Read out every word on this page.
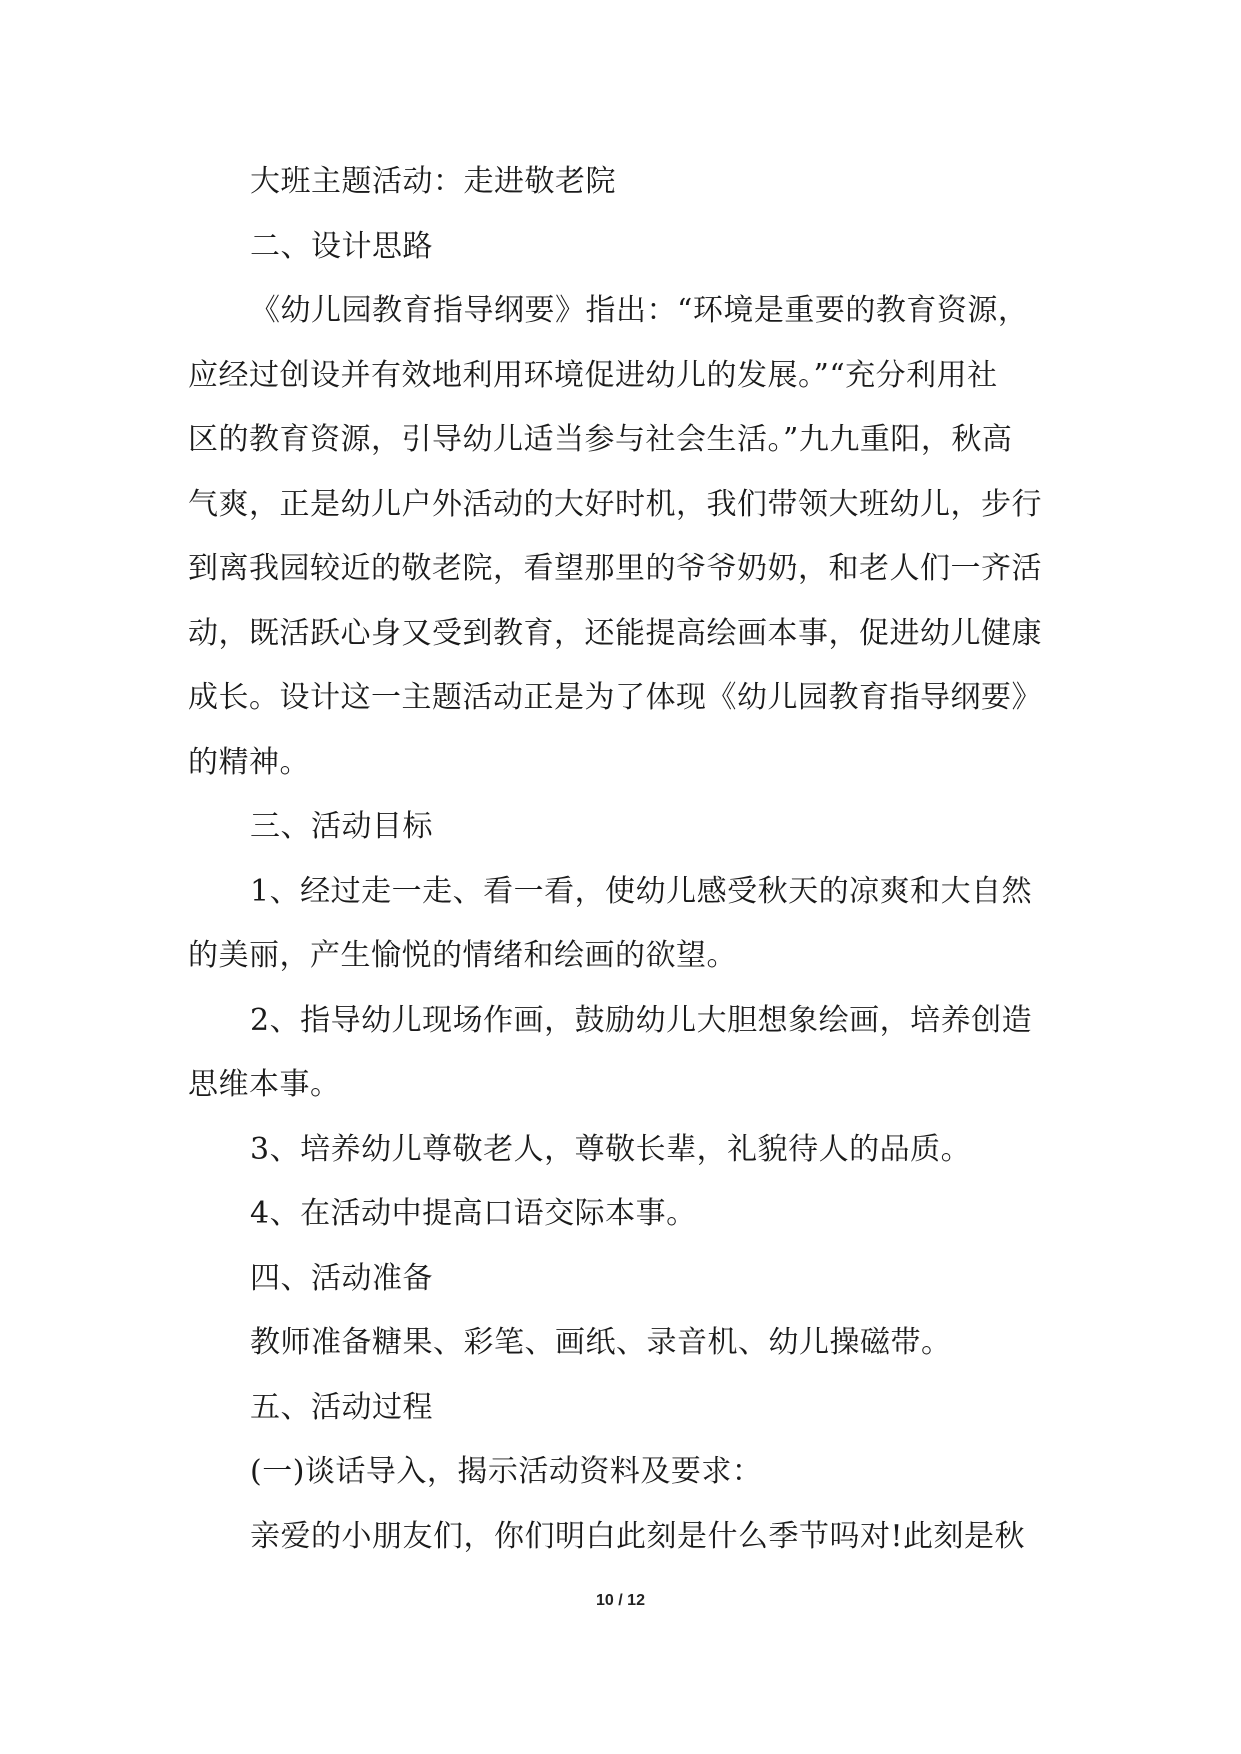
大班主题活动：走进敬老院
二、设计思路
《幼儿园教育指导纲要》指出：“环境是重要的教育资源，
应经过创设并有效地利用环境促进幼儿的发展。”“充分利用社
区的教育资源，引导幼儿适当参与社会生活。”九九重阳，秋高
气爽，正是幼儿户外活动的大好时机，我们带领大班幼儿，步行
到离我园较近的敬老院，看望那里的爷爷奶奶，和老人们一齐活
动，既活跃心身又受到教育，还能提高绘画本事，促进幼儿健康
成长。设计这一主题活动正是为了体现《幼儿园教育指导纲要》
的精神。
三、活动目标
1、经过走一走、看一看，使幼儿感受秋天的凉爽和大自然
的美丽，产生愉悦的情绪和绘画的欲望。
2、指导幼儿现场作画，鼓励幼儿大胆想象绘画，培养创造
思维本事。
3、培养幼儿尊敬老人，尊敬长辈，礼貌待人的品质。
4、在活动中提高口语交际本事。
四、活动准备
教师准备糖果、彩笔、画纸、录音机、幼儿操磁带。
五、活动过程
(一)谈话导入，揭示活动资料及要求：
亲爱的小朋友们，你们明白此刻是什么季节吗对!此刻是秋
10 / 12
